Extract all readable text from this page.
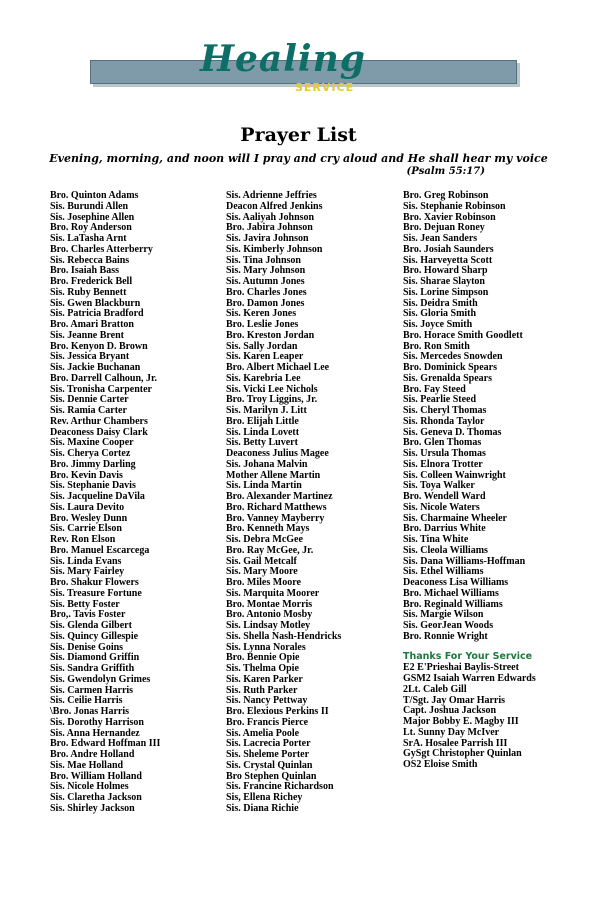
Healing
SERVICE
Prayer List
Evening, morning, and noon will I pray and cry aloud and He shall hear my voice
(Psalm 55:17)
Bro. Quinton Adams
Sis. Burundi Allen
Sis. Josephine Allen
Bro. Roy Anderson
Sis. LaTasha Arnt
Bro. Charles Atterberry
Sis. Rebecca Bains
Bro. Isaiah Bass
Bro. Frederick Bell
Sis. Ruby Bennett
Sis. Gwen Blackburn
Sis. Patricia Bradford
Bro. Amari Bratton
Sis. Jeanne Brent
Bro. Kenyon D. Brown
Sis. Jessica Bryant
Sis. Jackie Buchanan
Bro. Darrell Calhoun, Jr.
Sis. Tronisha Carpenter
Sis. Dennie Carter
Sis. Ramia Carter
Rev. Arthur Chambers
Deaconess Daisy Clark
Sis. Maxine Cooper
Sis. Cherya Cortez
Bro. Jimmy Darling
Bro. Kevin Davis
Sis. Stephanie Davis
Sis. Jacqueline DaVila
Sis. Laura Devito
Bro. Wesley Dunn
Sis. Carrie Elson
Rev. Ron Elson
Bro. Manuel Escarcega
Sis. Linda Evans
Sis. Mary Fairley
Bro. Shakur Flowers
Sis. Treasure Fortune
Sis. Betty Foster
Bro,. Tavis Foster
Sis. Glenda Gilbert
Sis. Quincy Gillespie
Sis. Denise Goins
Sis. Diamond Griffin
Sis. Sandra Griffith
Sis. Gwendolyn Grimes
Sis. Carmen Harris
Sis. Ceilie Harris
\Bro. Jonas Harris
Sis. Dorothy Harrison
Sis. Anna Hernandez
Bro. Edward Hoffman III
Bro. Andre Holland
Sis. Mae Holland
Bro. William Holland
Sis. Nicole Holmes
Sis. Claretha Jackson
Sis. Shirley Jackson
Sis. Adrienne Jeffries
Deacon Alfred Jenkins
Sis. Aaliyah Johnson
Bro. Jabira Johnson
Sis. Javira Johnson
Sis. Kimberly Johnson
Sis. Tina Johnson
Sis. Mary Johnson
Sis. Autumn Jones
Bro. Charles Jones
Bro. Damon Jones
Sis. Keren Jones
Bro. Leslie Jones
Bro. Kreston Jordan
Sis. Sally Jordan
Sis. Karen Leaper
Bro. Albert Michael Lee
Sis. Karebria Lee
Sis. Vicki Lee Nichols
Bro. Troy Liggins, Jr.
Sis. Marilyn J. Litt
Bro. Elijah Little
Sis. Linda Lovett
Sis. Betty Luvert
Deaconess Julius Magee
Sis. Johana Malvin
Mother Allene Martin
Sis. Linda Martin
Bro. Alexander Martinez
Bro. Richard Matthews
Bro. Vanney Mayberry
Bro. Kenneth Mays
Sis. Debra McGee
Bro. Ray McGee, Jr.
Sis. Gail Metcalf
Sis. Mary Moore
Bro. Miles Moore
Sis. Marquita Moorer
Bro. Montae Morris
Bro. Antonio Mosby
Sis. Lindsay Motley
Sis. Shella Nash-Hendricks
Sis. Lynna Norales
Bro. Bennie Opie
Sis. Thelma Opie
Sis. Karen Parker
Sis. Ruth Parker
Sis. Nancy Pettway
Bro. Elexious Perkins II
Bro. Francis Pierce
Sis. Amelia Poole
Sis. Lacrecia Porter
Sis. Sheleme Porter
Sis. Crystal Quinlan
Bro Stephen Quinlan
Sis. Francine Richardson
Sis, Ellena Richey
Sis. Diana Richie
Bro. Greg Robinson
Sis. Stephanie Robinson
Bro. Xavier Robinson
Bro. Dejuan Roney
Sis. Jean Sanders
Bro. Josiah Saunders
Sis. Harveyetta Scott
Bro. Howard Sharp
Sis. Sharae Slayton
Sis. Lorine Simpson
Sis. Deidra Smith
Sis. Gloria Smith
Sis. Joyce Smith
Bro. Horace Smith Goodlett
Bro. Ron Smith
Sis. Mercedes Snowden
Bro. Dominick Spears
Sis. Grenalda Spears
Bro. Fay Steed
Sis. Pearlie Steed
Sis. Cheryl Thomas
Sis. Rhonda Taylor
Sis. Geneva D. Thomas
Bro. Glen Thomas
Sis. Ursula Thomas
Sis. Elnora Trotter
Sis. Colleen Wainwright
Sis. Toya Walker
Bro. Wendell Ward
Sis. Nicole Waters
Sis. Charmaine Wheeler
Bro. Darrius White
Sis. Tina White
Sis. Cleola Williams
Sis. Dana Williams-Hoffman
Sis. Ethel Williams
Deaconess Lisa Williams
Bro. Michael Williams
Bro. Reginald Williams
Sis. Margie Wilson
Sis. GeorJean Woods
Bro. Ronnie Wright
Thanks For Your Service
E2 E'Prieshai Baylis-Street
GSM2 Isaiah Warren Edwards
2Lt. Caleb Gill
T/Sgt. Jay Omar Harris
Capt. Joshua Jackson
Major Bobby E. Magby III
Lt. Sunny Day McIver
SrA. Hosalee Parrish III
GySgt Christopher Quinlan
OS2 Eloise Smith
